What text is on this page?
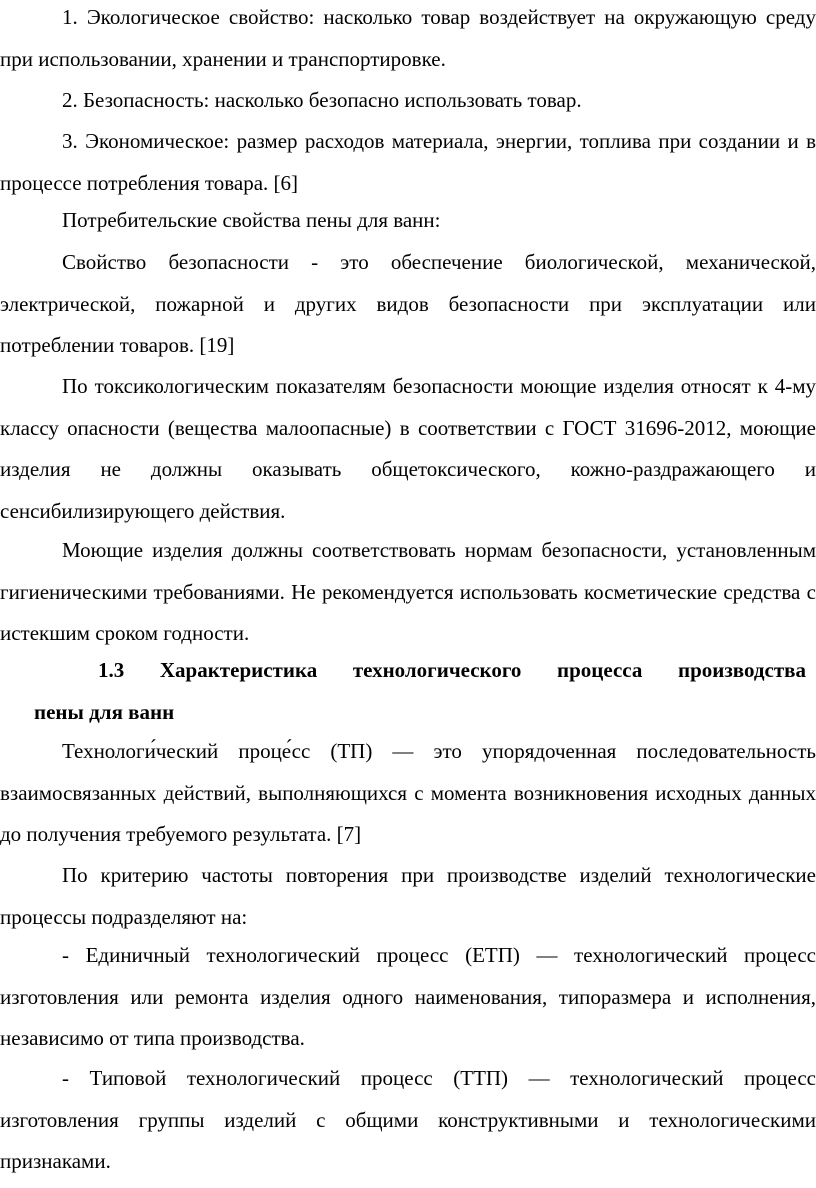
1. Экологическое свойство: насколько товар воздействует на окружающую среду при использовании, хранении и транспортировке.

2. Безопасность: насколько безопасно использовать товар.

3. Экономическое: размер расходов материала, энергии, топлива при создании и в процессе потребления товара. [6]

Потребительские свойства пены для ванн:

Свойство безопасности - это обеспечение биологической, механической, электрической, пожарной и других видов безопасности при эксплуатации или потреблении товаров. [19]

По токсикологическим показателям безопасности моющие изделия относят к 4-му классу опасности (вещества малоопасные) в соответствии с ГОСТ 31696-2012, моющие изделия не должны оказывать общетоксического, кожно-раздражающего и сенсибилизирующего действия.

Моющие изделия должны соответствовать нормам безопасности, установленным гигиеническими требованиями. Не рекомендуется использовать косметические средства с истекшим сроком годности.

1.3 Характеристика технологического процесса производства
пены для ванн

Технологи́ческий проце́сс (ТП) — это упорядоченная последовательность взаимосвязанных действий, выполняющихся с момента возникновения исходных данных до получения требуемого результата. [7]

По критерию частоты повторения при производстве изделий технологические процессы подразделяют на:

- Единичный технологический процесс (ЕТП) — технологический процесс изготовления или ремонта изделия одного наименования, типоразмера и исполнения, независимо от типа производства.

- Типовой технологический процесс (ТТП) — технологический процесс изготовления группы изделий с общими конструктивными и технологическими признаками.
